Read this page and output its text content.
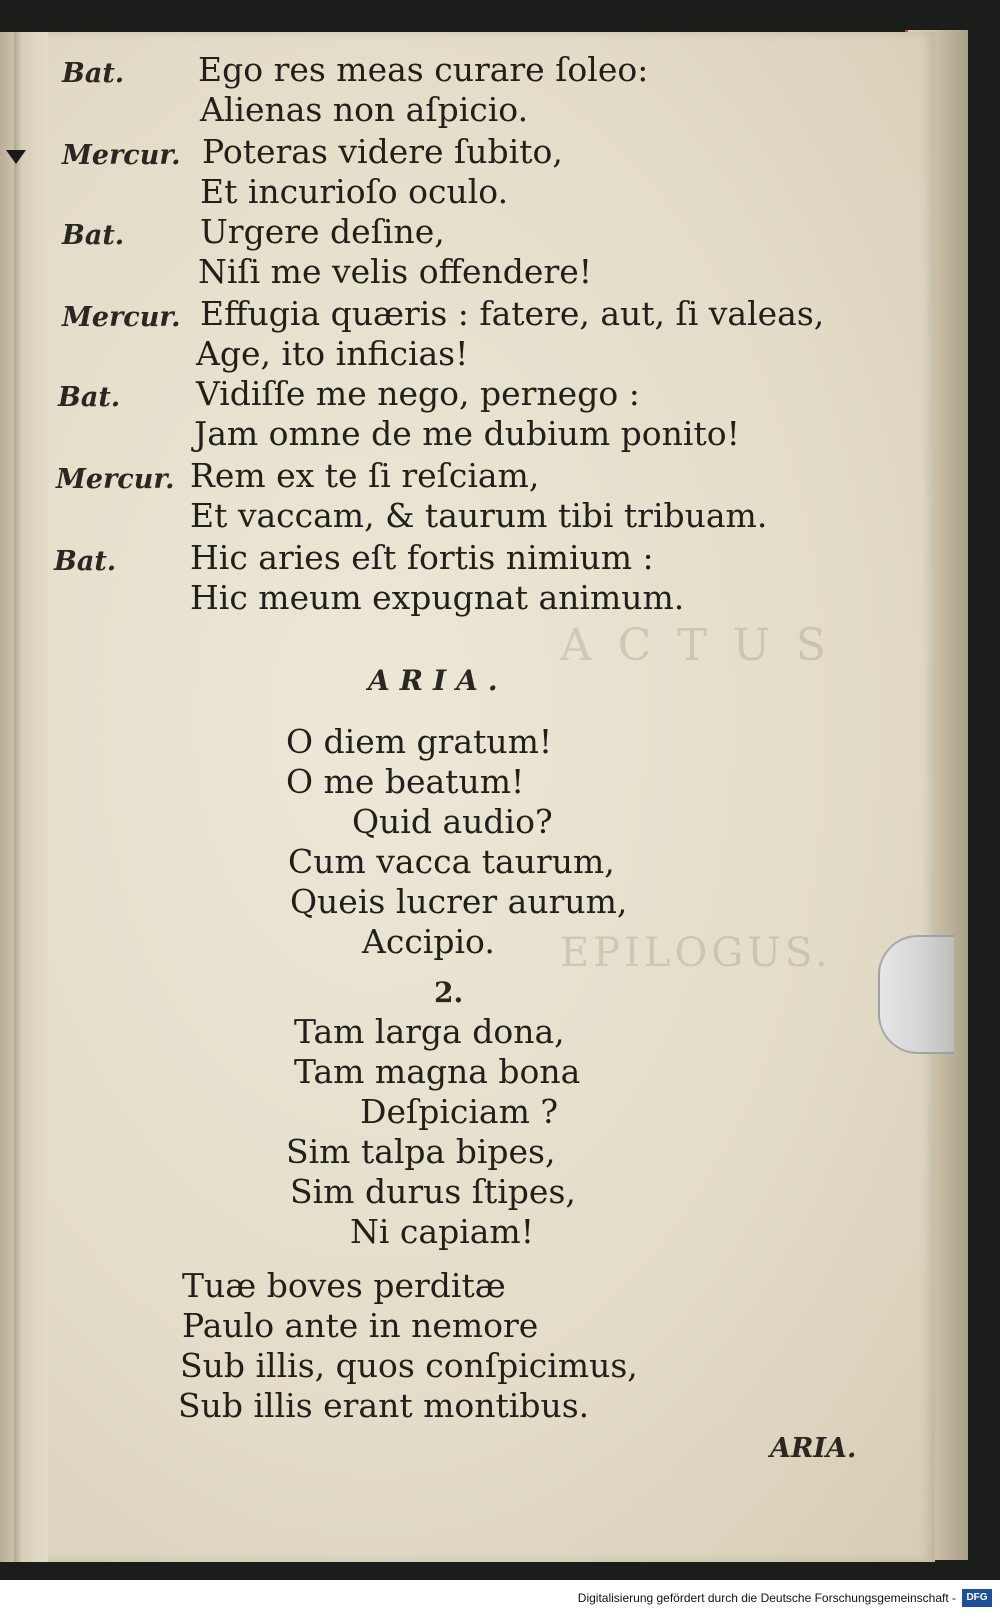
A C T U S
EPILOGUS.
Bat. Ego res meas curare ſoleo:
Alienas non aſpicio.
Mercur. Poteras videre ſubito,
Et incurioſo oculo.
Bat. Urgere deſine,
Niſi me velis offendere!
Mercur. Effugia quæris : fatere, aut, ſi valeas,
Age, ito inficias!
Bat. Vidiſſe me nego, pernego :
Jam omne de me dubium ponito!
Mercur. Rem ex te ſi reſciam,
Et vaccam, & taurum tibi tribuam.
Bat. Hic aries eſt fortis nimium :
Hic meum expugnat animum.
ARIA.
O diem gratum!
O me beatum!
Quid audio?
Cum vacca taurum,
Queis lucrer aurum,
Accipio.
2.
Tam larga dona,
Tam magna bona
Deſpiciam ?
Sim talpa bipes,
Sim durus ſtipes,
Ni capiam!
Tuæ boves perditæ
Paulo ante in nemore
Sub illis, quos conſpicimus,
Sub illis erant montibus.
ARIA.
Digitalisierung gefördert durch die Deutsche Forschungsgemeinschaft -	DFG
